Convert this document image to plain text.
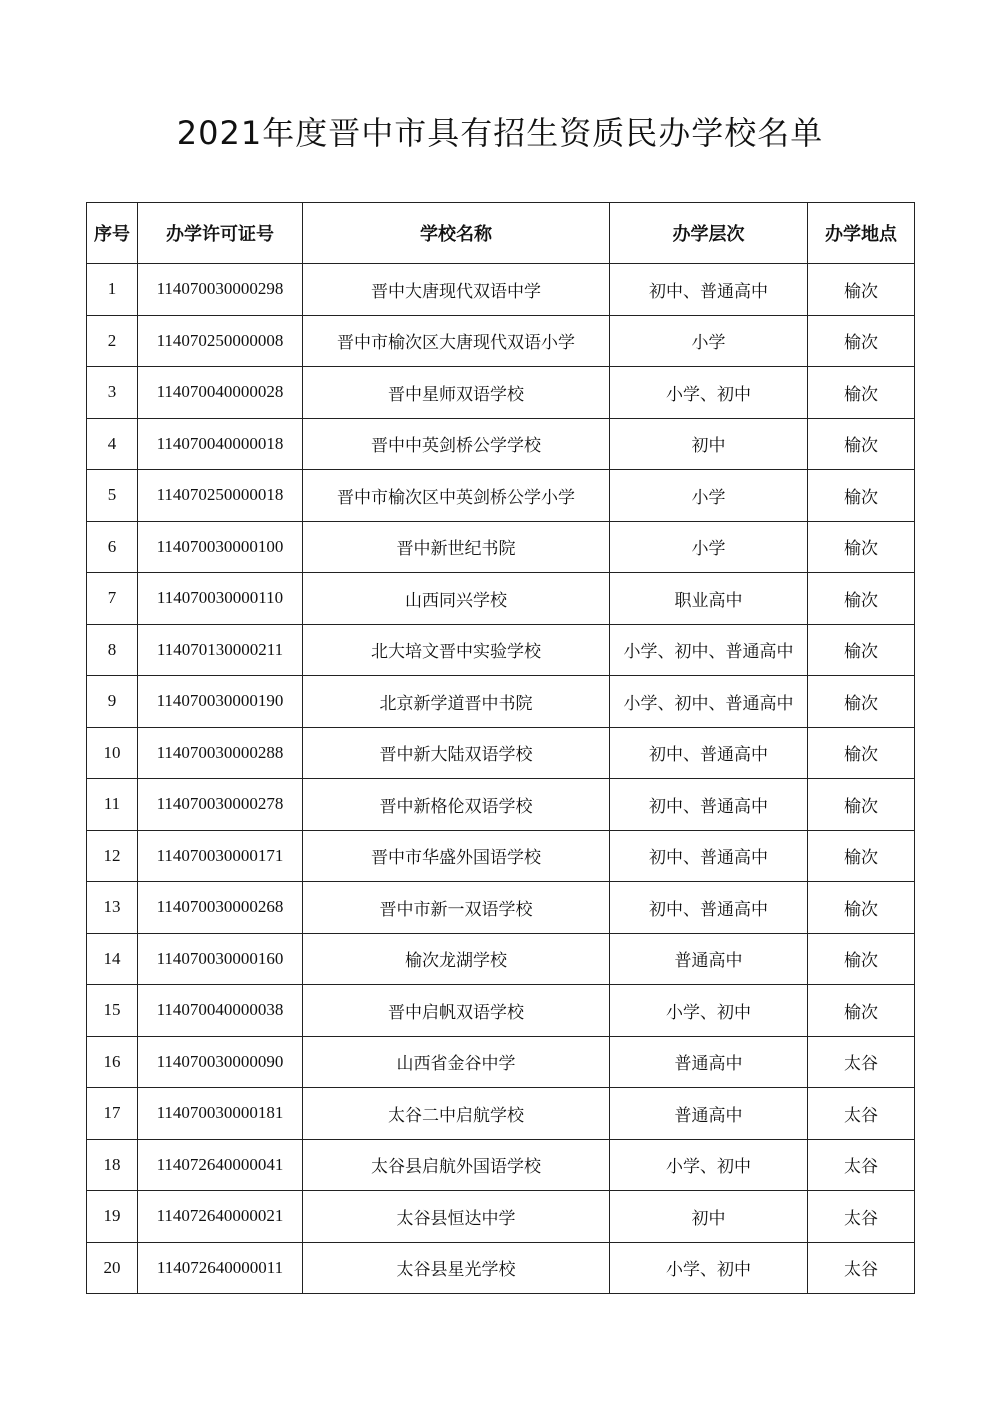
2021年度晋中市具有招生资质民办学校名单
序号	办学许可证号	学校名称	办学层次	办学地点
1	114070030000298	晋中大唐现代双语中学	初中、普通高中	榆次
2	114070250000008	晋中市榆次区大唐现代双语小学	小学	榆次
3	114070040000028	晋中星师双语学校	小学、初中	榆次
4	114070040000018	晋中中英剑桥公学学校	初中	榆次
5	114070250000018	晋中市榆次区中英剑桥公学小学	小学	榆次
6	114070030000100	晋中新世纪书院	小学	榆次
7	114070030000110	山西同兴学校	职业高中	榆次
8	114070130000211	北大培文晋中实验学校	小学、初中、普通高中	榆次
9	114070030000190	北京新学道晋中书院	小学、初中、普通高中	榆次
10	114070030000288	晋中新大陆双语学校	初中、普通高中	榆次
11	114070030000278	晋中新格伦双语学校	初中、普通高中	榆次
12	114070030000171	晋中市华盛外国语学校	初中、普通高中	榆次
13	114070030000268	晋中市新一双语学校	初中、普通高中	榆次
14	114070030000160	榆次龙湖学校	普通高中	榆次
15	114070040000038	晋中启帆双语学校	小学、初中	榆次
16	114070030000090	山西省金谷中学	普通高中	太谷
17	114070030000181	太谷二中启航学校	普通高中	太谷
18	114072640000041	太谷县启航外国语学校	小学、初中	太谷
19	114072640000021	太谷县恒达中学	初中	太谷
20	114072640000011	太谷县星光学校	小学、初中	太谷
